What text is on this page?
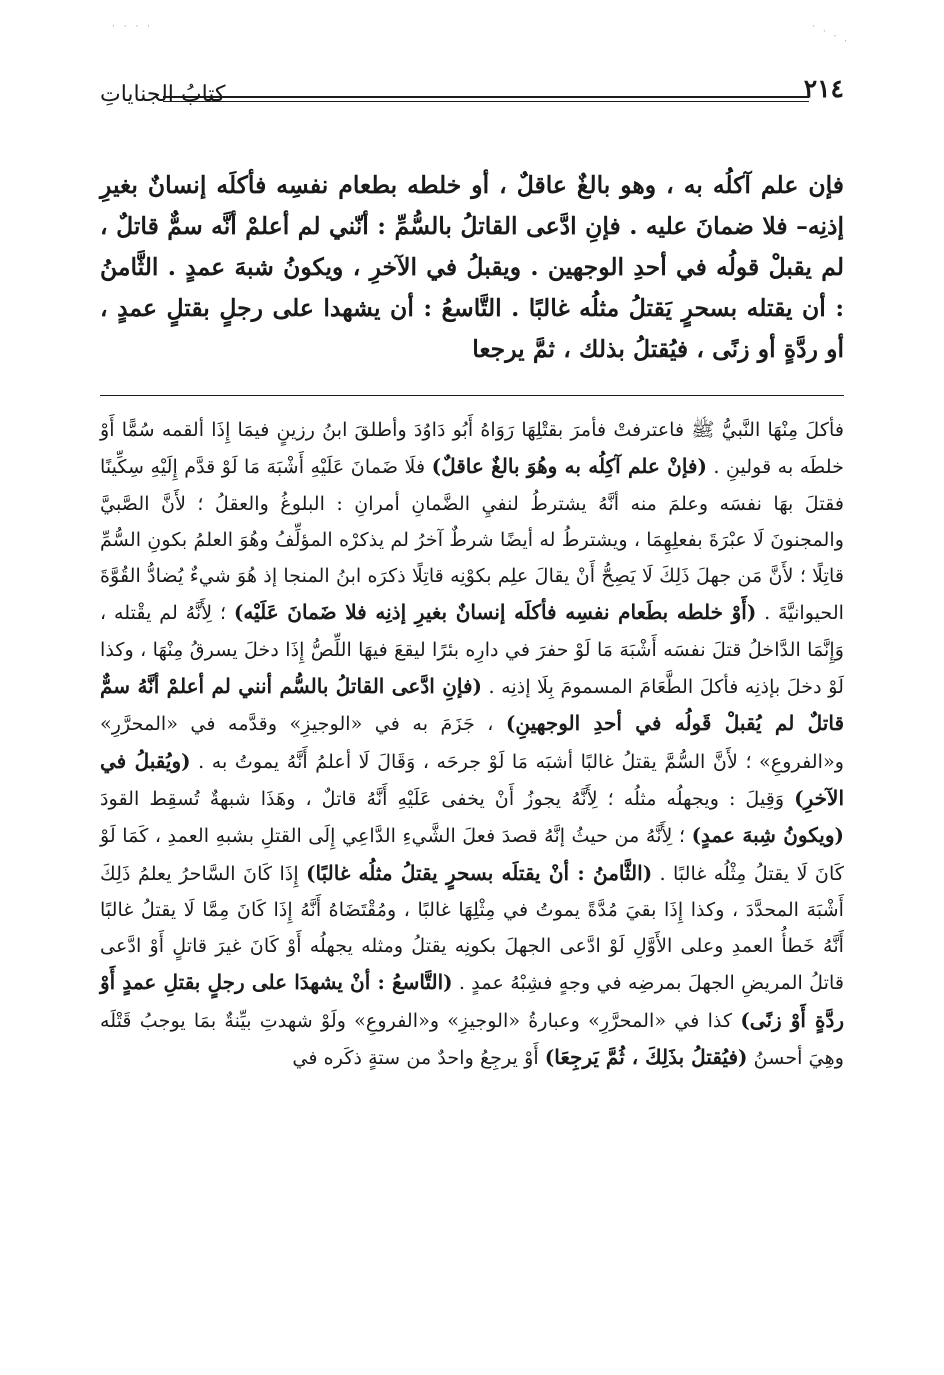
· · · ·	· · · ·
٢١٤
كتابُ الجناياتِ
فإن علم آكلُه به ، وهو بالغٌ عاقلٌ ، أو خلطه بطعام نفسِه فأكلَه إنسانٌ بغيرِ إذنِه– فلا ضمانَ عليه . فإنِ ادَّعى القاتلُ بالسُّمِّ : أنّني لم أعلمْ أنَّه سمٌّ قاتلٌ ، لم يقبلْ قولُه في أحدِ الوجهين . ويقبلُ في الآخرِ ، ويكونُ شبهَ عمدٍ . الثَّامنُ : أن يقتله بسحرٍ يَقتلُ مثلُه غالبًا . التَّاسعُ : أن يشهدا على رجلٍ بقتلٍ عمدٍ ، أو ردَّةٍ أو زنًى ، فيُقتلُ بذلك ، ثمَّ يرجعا
فأكلَ مِنْهَا النَّبيُّ ﷺ فاعترفتْ فأمرَ بقتْلِهَا رَوَاهُ أَبُو دَاوُدَ وأطلقَ ابنُ رزينٍ فيمَا إِذَا ألقمه سُمًّا أَوْ خلطَه به قولينِ . (فإنْ علم آكِلُه به وهُوَ بالغٌ عاقلٌ) فلَا ضَمانَ عَلَيْهِ أَشْبَهَ مَا لَوْ قدَّم إِلَيْهِ سِكِّينًا فقتلَ بهَا نفسَه وعلمَ منه أنَّهُ يشترطُ لنفيِ الضَّمانِ أمرانِ : البلوغُ والعقلُ ؛ لأَنَّ الصَّبيَّ والمجنونَ لَا عبْرَةَ بفعلِهِمَا ، ويشترطُ له أيضًا شرطٌ آخرُ لم يذكرْه المؤلِّفُ وهُوَ العلمُ بكونِ السُّمِّ قاتِلًا ؛ لأَنَّ مَن جهلَ ذَلِكَ لَا يَصِحُّ أَنْ يقالَ علِم بكوْنِه قاتِلًا ذكرَه ابنُ المنجا إذ هُوَ شيءٌ يُضادُّ القُوَّةَ الحيوانيَّةَ . (أَوْ خلطه بطَعام نفسِه فأكلَه إنسانٌ بغيرِ إذنِه فلا ضَمانَ عَلَيْه) ؛ لِأَنَّهُ لم يقْتله ، وَإِنَّمَا الدَّاخلُ قتلَ نفسَه أَشْبَهَ مَا لَوْ حفرَ في دارِه بئرًا ليقعَ فيهَا اللِّصُّ إِذَا دخلَ يسرقُ مِنْهَا ، وكذا لَوْ دخلَ بإذنِه فأكلَ الطَّعَامَ المسمومَ بِلَا إذنِه . (فإنِ ادَّعى القاتلُ بالسُّم أنني لم أعلمْ أنَّهُ سمٌّ قاتلٌ لم يُقبلْ قَولُه في أحدِ الوجهينِ) ، جَزَمَ به في «الوجيزِ» وقدَّمه في «المحرَّرِ» و«الفروعِ» ؛ لأَنَّ السُّمَّ يقتلُ غالبًا أشبَه مَا لَوْ جرحَه ، وَقَالَ لَا أعلمُ أَنَّهُ يموتُ به . (ويُقبلُ في الآخرِ) وَقِيلَ : ويجهلُه مثلُه ؛ لِأَنَّهُ يجوزُ أَنْ يخفى عَلَيْهِ أَنَّهُ قاتلٌ ، وهَذَا شبهةٌ تُسقِط القودَ (ويكونُ شِبهَ عمدٍ) ؛ لِأَنَّهُ من حيثُ إنَّهُ قصدَ فعلَ الشَّيءِ الدَّاعِي إِلَى القتلِ بشبهِ العمدِ ، كَمَا لَوْ كَانَ لَا يقتلُ مِثْلُه غالبًا . (الثَّامنُ : أنْ يقتلَه بسحرٍ يقتلُ مثلُه غالبًا) إِذَا كَانَ السَّاحرُ يعلمُ ذَلِكَ أَشْبَهَ المحدَّدَ ، وكذا إِذَا بقيَ مُدَّةً يموتُ في مِثْلِهَا غالبًا ، ومُقْتَضَاهُ أَنَّهُ إِذَا كَانَ مِمَّا لَا يقتلُ غالبًا أَنَّهُ خَطأُ العمدِ وعلى الأَوَّلِ لَوْ ادَّعى الجهلَ بكونِه يقتلُ ومثله يجهلُه أَوْ كَانَ غيرَ قاتلٍ أَوْ ادَّعى قاتلُ المريضِ الجهلَ بمرضِه في وجهٍ فشِبْهُ عمدٍ . (التَّاسعُ : أنْ يشهدَا على رجلٍ بقتلِ عمدٍ أَوْ ردَّةٍ أَوْ زنًى) كذا في «المحرَّرِ» وعبارةُ «الوجيزِ» و«الفروعِ» ولَوْ شهدتِ بيِّنةٌ بمَا يوجبُ قَتْلَه وهِيَ أحسنُ (فيُقتلُ بذَلِكَ ، ثُمَّ يَرجِعَا) أَوْ يرجِعُ واحدٌ من ستةٍ ذكَره في
